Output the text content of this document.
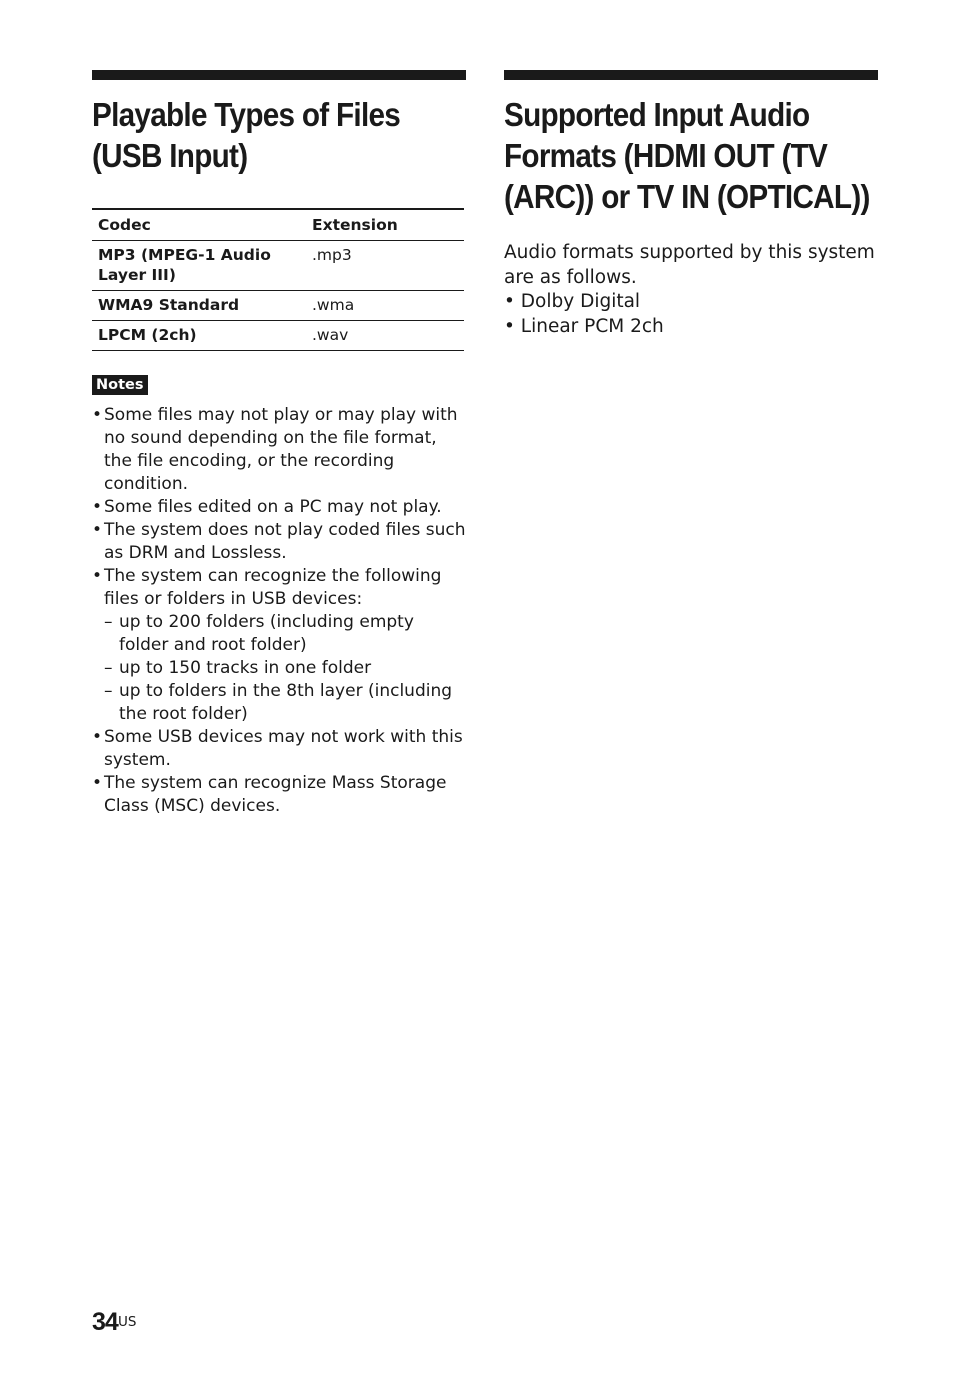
Playable Types of Files (USB Input)
Codec	Extension
MP3 (MPEG-1 Audio Layer III)	.mp3
WMA9 Standard	.wma
LPCM (2ch)	.wav
Notes
• Some files may not play or may play with no sound depending on the file format, the file encoding, or the recording condition.
• Some files edited on a PC may not play.
• The system does not play coded files such as DRM and Lossless.
• The system can recognize the following files or folders in USB devices:
– up to 200 folders (including empty folder and root folder)
– up to 150 tracks in one folder
– up to folders in the 8th layer (including the root folder)
• Some USB devices may not work with this system.
• The system can recognize Mass Storage Class (MSC) devices.
Supported Input Audio Formats (HDMI OUT (TV (ARC)) or TV IN (OPTICAL))

Audio formats supported by this system are as follows.

• Dolby Digital
• Linear PCM 2ch
34 US
